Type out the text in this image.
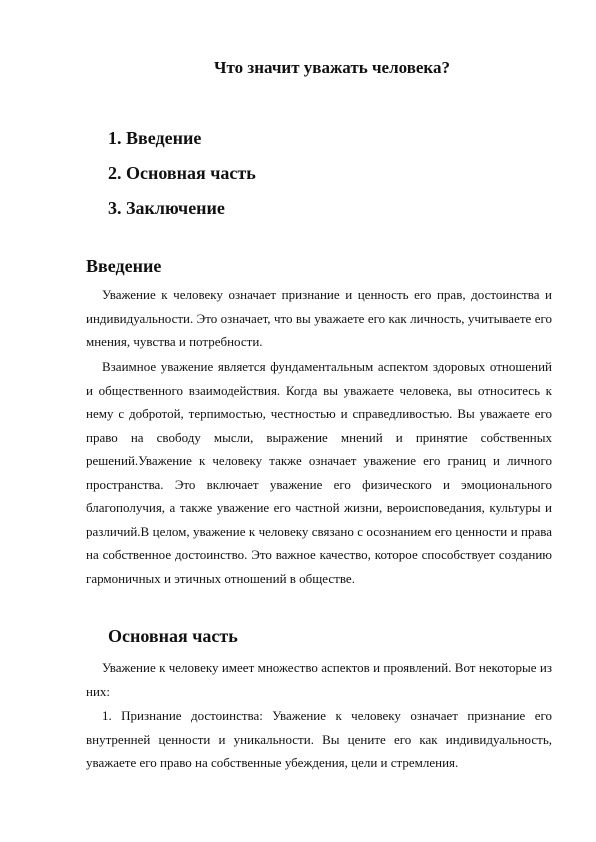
Что значит уважать человека?
1. Введение
2. Основная часть
3. Заключение
Введение

Уважение к человеку означает признание и ценность его прав, достоинства и индивидуальности. Это означает, что вы уважаете его как личность, учитываете его мнения, чувства и потребности.

Взаимное уважение является фундаментальным аспектом здоровых отношений и общественного взаимодействия. Когда вы уважаете человека, вы относитесь к нему с добротой, терпимостью, честностью и справедливостью. Вы уважаете его право на свободу мысли, выражение мнений и принятие собственных решений.Уважение к человеку также означает уважение его границ и личного пространства. Это включает уважение его физического и эмоционального благополучия, а также уважение его частной жизни, вероисповедания, культуры и различий.В целом, уважение к человеку связано с осознанием его ценности и права на собственное достоинство. Это важное качество, которое способствует созданию гармоничных и этичных отношений в обществе.

Основная часть

Уважение к человеку имеет множество аспектов и проявлений. Вот некоторые из них:

1. Признание достоинства: Уважение к человеку означает признание его внутренней ценности и уникальности. Вы цените его как индивидуальность, уважаете его право на собственные убеждения, цели и стремления.
